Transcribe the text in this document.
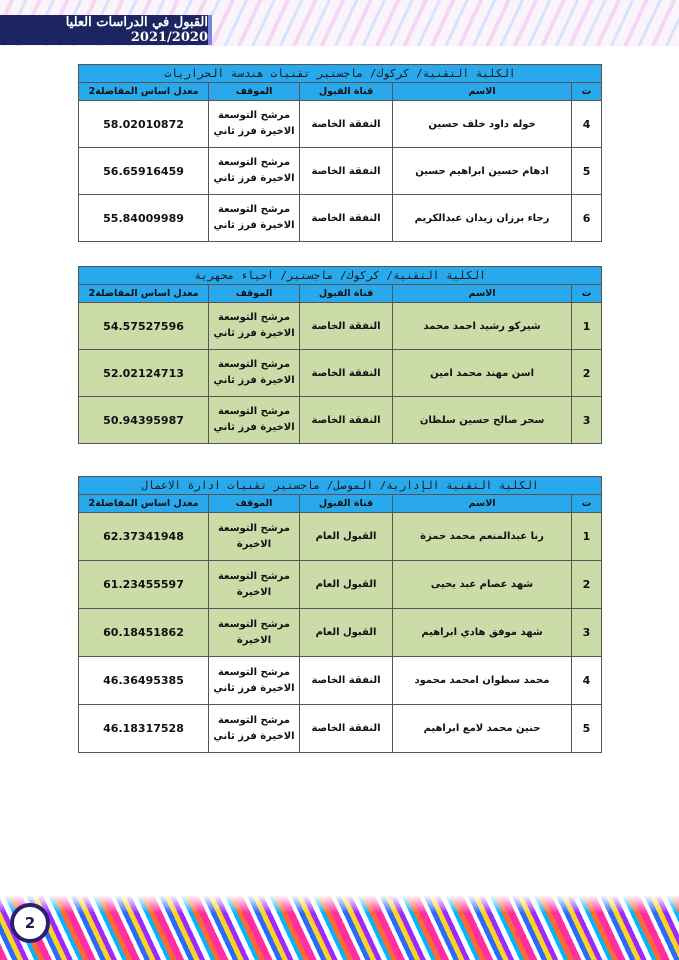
القبول في الدراسات العليا 2021/2020
الكلية التقنية/ كركوك/ ماجستير تقنيات هندسة الحراريات				
ت	الاسم	قناة القبول	الموقف	معدل اساس المفاضلة2
4	خوله داود خلف حسين	النفقة الخاصة	مرشح التوسعة
الاخيرة فرز ثاني	58.02010872
5	ادهام حسين ابراهيم حسين	النفقة الخاصة	مرشح التوسعة
الاخيرة فرز ثاني	56.65916459
6	رجاء برزان زيدان عبدالكريم	النفقة الخاصة	مرشح التوسعة
الاخيرة فرز ثاني	55.84009989
الكلية التقنية/ كركوك/ ماجستير/ احياء مجهرية				
ت	الاسم	قناة القبول	الموقف	معدل اساس المفاضلة2
1	شيركو رشيد احمد محمد	النفقة الخاصة	مرشح التوسعة
الاخيرة فرز ثاني	54.57527596
2	اسن مهند محمد امين	النفقة الخاصة	مرشح التوسعة
الاخيرة فرز ثاني	52.02124713
3	سحر صالح حسين سلطان	النفقة الخاصة	مرشح التوسعة
الاخيرة فرز ثاني	50.94395987
الكلية التقنية الإدارية/ الموصل/ ماجستير تقنيات ادارة الاعمال				
ت	الاسم	قناة القبول	الموقف	معدل اساس المفاضلة2
1	رنا عبدالمنعم محمد حمزة	القبول العام	مرشح التوسعة
الاخيرة	62.37341948
2	شهد عصام عبد يحيى	القبول العام	مرشح التوسعة
الاخيرة	61.23455597
3	شهد موفق هادي ابراهيم	القبول العام	مرشح التوسعة
الاخيرة	60.18451862
4	محمد سطوان امحمد محمود	النفقة الخاصة	مرشح التوسعة
الاخيرة فرز ثاني	46.36495385
5	حنين محمد لامع ابراهيم	النفقة الخاصة	مرشح التوسعة
الاخيرة فرز ثاني	46.18317528
2
